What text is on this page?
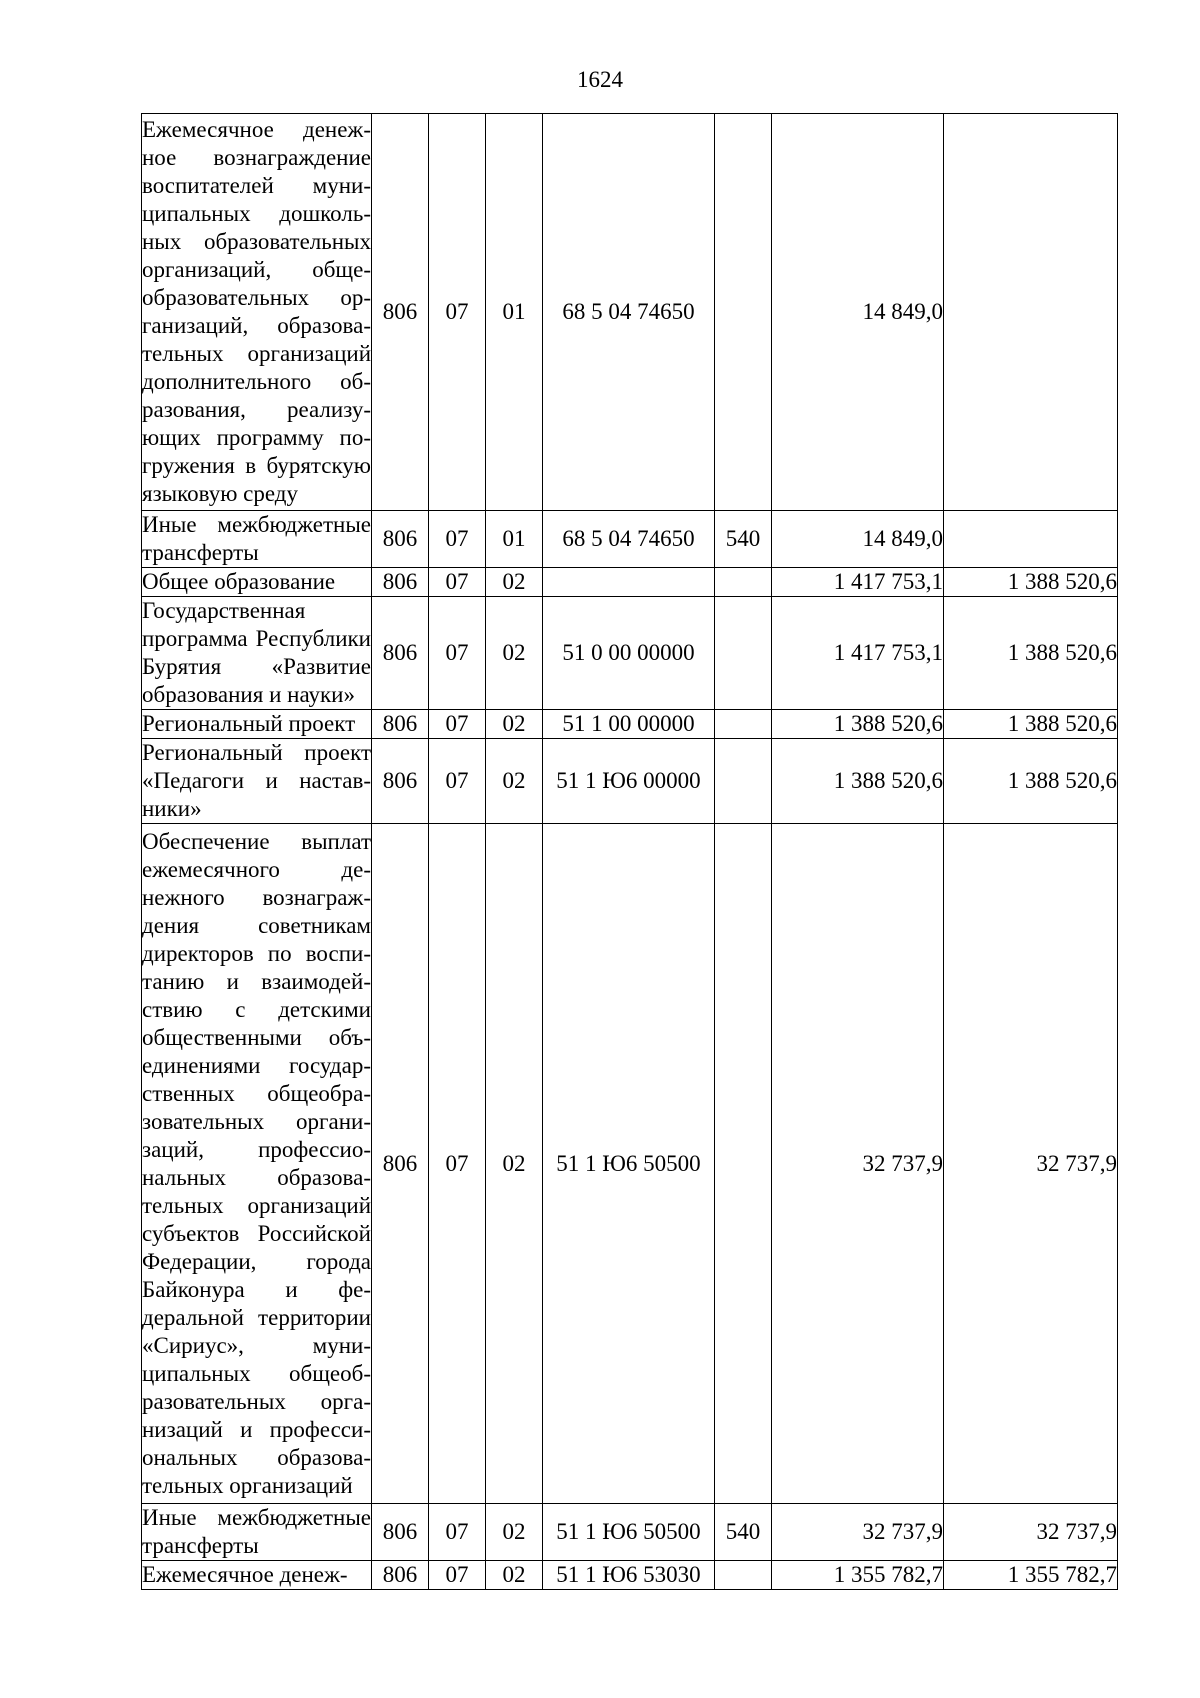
1624
Ежемесячное денежное вознаграждение воспитателей муниципальных дошкольных образовательных организаций, общеобразовательных организаций, образовательных организаций дополнительного образования, реализующих программу погружения в бурятскую языковую среду	806	07	01	68 5 04 74650		14 849,0	
Иные межбюджетные трансферты	806	07	01	68 5 04 74650	540	14 849,0	
Общее образование	806	07	02			1 417 753,1	1 388 520,6
Государственная программа Республики Бурятия «Развитие образования и науки»	806	07	02	51 0 00 00000		1 417 753,1	1 388 520,6
Региональный проект	806	07	02	51 1 00 00000		1 388 520,6	1 388 520,6
Региональный проект «Педагоги и наставники»	806	07	02	51 1 Ю6 00000		1 388 520,6	1 388 520,6
Обеспечение выплат ежемесячного денежного вознаграждения советникам директоров по воспитанию и взаимодействию с детскими общественными объединениями государственных общеобразовательных организаций, профессиональных образовательных организаций субъектов Российской Федерации, города Байконура и федеральной территории «Сириус», муниципальных общеобразовательных организаций и профессиональных образовательных организаций	806	07	02	51 1 Ю6 50500		32 737,9	32 737,9
Иные межбюджетные трансферты	806	07	02	51 1 Ю6 50500	540	32 737,9	32 737,9
Ежемесячное денеж-	806	07	02	51 1 Ю6 53030		1 355 782,7	1 355 782,7
